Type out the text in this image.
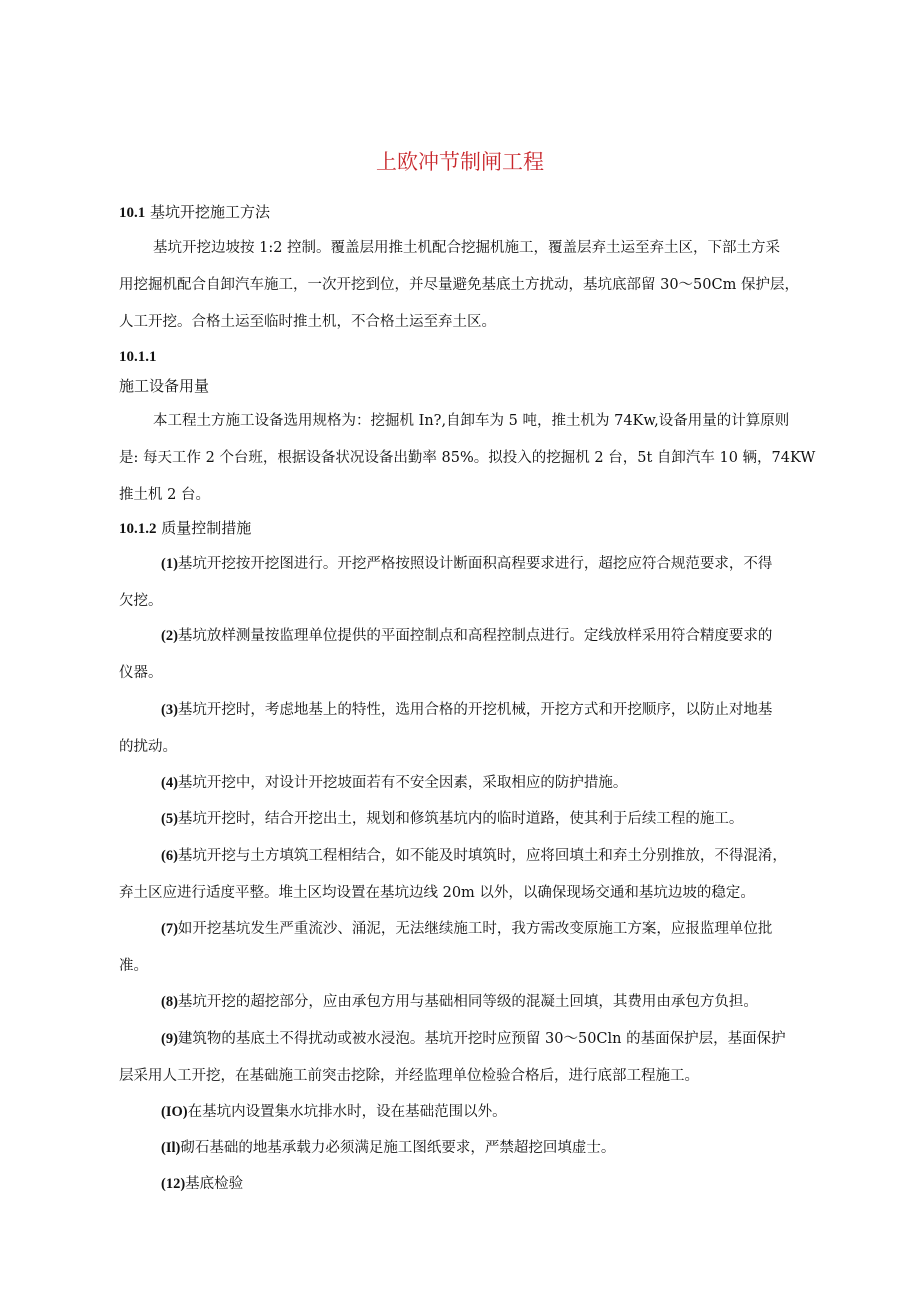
上欧冲节制闸工程
10.1 基坑开挖施工方法
基坑开挖边坡按 1:2 控制。覆盖层用推土机配合挖掘机施工，覆盖层弃土运至弃土区，下部土方采
用挖掘机配合自卸汽车施工，一次开挖到位，并尽量避免基底土方扰动，基坑底部留 30～50Cm 保护层，
人工开挖。合格土运至临时推土机，不合格土运至弃土区。
10.1.1
施工设备用量
本工程土方施工设备选用规格为：挖掘机 In?,自卸车为 5 吨，推土机为 74Kw,设备用量的计算原则
是: 每天工作 2 个台班，根据设备状况设备出勤率 85%。拟投入的挖掘机 2 台，5t 自卸汽车 10 辆，74KW
推土机 2 台。
10.1.2 质量控制措施
(1)基坑开挖按开挖图进行。开挖严格按照设计断面积高程要求进行，超挖应符合规范要求，不得
欠挖。
(2)基坑放样测量按监理单位提供的平面控制点和高程控制点进行。定线放样采用符合精度要求的
仪器。
(3)基坑开挖时，考虑地基上的特性，选用合格的开挖机械，开挖方式和开挖顺序，以防止对地基
的扰动。
(4)基坑开挖中，对设计开挖坡面若有不安全因素，采取相应的防护措施。
(5)基坑开挖时，结合开挖出土，规划和修筑基坑内的临时道路，使其利于后续工程的施工。
(6)基坑开挖与土方填筑工程相结合，如不能及时填筑时，应将回填土和弃土分别推放，不得混淆，
弃土区应进行适度平整。堆土区均设置在基坑边线 20m 以外，以确保现场交通和基坑边坡的稳定。
(7)如开挖基坑发生严重流沙、涌泥，无法继续施工时，我方需改变原施工方案，应报监理单位批
准。
(8)基坑开挖的超挖部分，应由承包方用与基础相同等级的混凝土回填，其费用由承包方负担。
(9)建筑物的基底土不得扰动或被水浸泡。基坑开挖时应预留 30～50Cln 的基面保护层，基面保护
层采用人工开挖，在基础施工前突击挖除，并经监理单位检验合格后，进行底部工程施工。
(IO)在基坑内设置集水坑排水时，设在基础范围以外。
(Il)砌石基础的地基承载力必须满足施工图纸要求，严禁超挖回填虚士。
(12)基底检验
